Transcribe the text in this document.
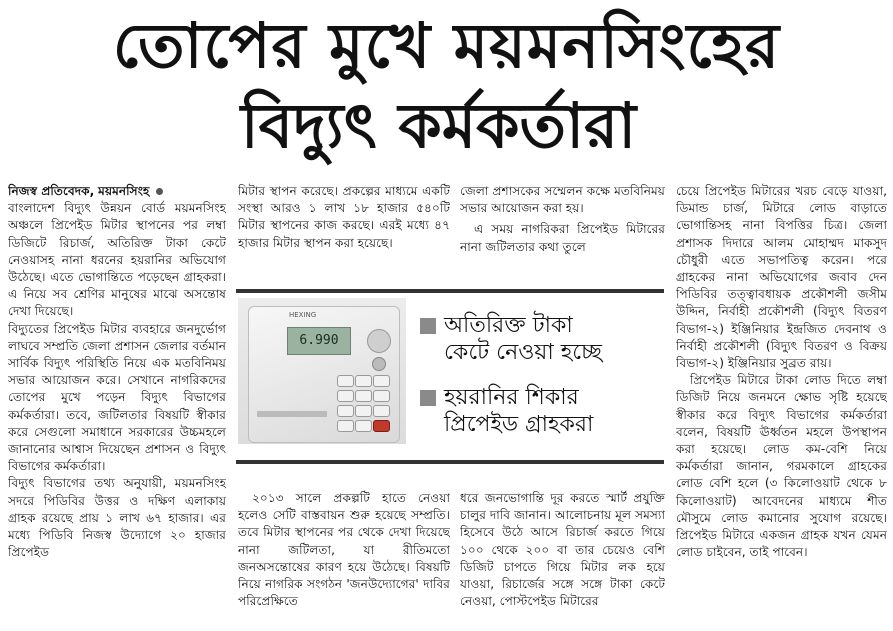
তোপের মুখে ময়মনসিংহের
বিদ্যুৎ কর্মকর্তারা

নিজস্ব প্রতিবেদক, ময়মনসিংহ

বাংলাদেশ বিদ্যুৎ উন্নয়ন বোর্ড ময়মনসিংহ অঞ্চলে প্রিপেইড মিটার স্থাপনের পর লম্বা ডিজিটে রিচার্জ, অতিরিক্ত টাকা কেটে নেওয়াসহ নানা ধরনের হয়রানির অভিযোগ উঠেছে। এতে ভোগান্তিতে পড়েছেন গ্রাহকরা। এ নিয়ে সব শ্রেণির মানুষের মাঝে অসন্তোষ দেখা দিয়েছে।

বিদ্যুতের প্রিপেইড মিটার ব্যবহারে জনদুর্ভোগ লাঘবে সম্প্রতি জেলা প্রশাসন জেলার বর্তমান সার্বিক বিদ্যুৎ পরিস্থিতি নিয়ে এক মতবিনিময় সভার আয়োজন করে। সেখানে নাগরিকদের তোপের মুখে পড়েন বিদ্যুৎ বিভাগের কর্মকর্তারা। তবে, জটিলতার বিষয়টি স্বীকার করে সেগুলো সমাধানে সরকারের উচ্চমহলে জানানোর আশ্বাস দিয়েছেন প্রশাসন ও বিদ্যুৎ বিভাগের কর্মকর্তারা।

বিদ্যুৎ বিভাগের তথ্য অনুযায়ী, ময়মনসিংহ সদরে পিডিবির উত্তর ও দক্ষিণ এলাকায় গ্রাহক রয়েছে প্রায় ১ লাখ ৬৭ হাজার। এর মধ্যে পিডিবি নিজস্ব উদ্যোগে ২০ হাজার প্রিপেইড

মিটার স্থাপন করেছে। প্রকল্পের মাধ্যমে একটি সংস্থা আরও ১ লাখ ১৮ হাজার ৫৪০টি মিটার স্থাপনের কাজ করছে। এরই মধ্যে ৪৭ হাজার মিটার স্থাপন করা হয়েছে।

জেলা প্রশাসকের সম্মেলন কক্ষে মতবিনিময় সভার আয়োজন করা হয়।

এ সময় নাগরিকরা প্রিপেইড মিটারের নানা জটিলতার কথা তুলে

HEXING
6.990
অতিরিক্ত টাকা
কেটে নেওয়া হচ্ছে
হয়রানির শিকার
প্রিপেইড গ্রাহকরা

২০১৩ সালে প্রকল্পটি হাতে নেওয়া হলেও সেটি বাস্তবায়ন শুরু হয়েছে সম্প্রতি। তবে মিটার স্থাপনের পর থেকে দেখা দিয়েছে নানা জটিলতা, যা রীতিমতো জনঅসন্তোষের কারণ হয়ে উঠেছে। বিষয়টি নিয়ে নাগরিক সংগঠন 'জনউদ্যোগের' দাবির পরিপ্রেক্ষিতে

ধরে জনভোগান্তি দূর করতে স্মার্ট প্রযুক্তি চালুর দাবি জানান। আলোচনায় মূল সমস্যা হিসেবে উঠে আসে রিচার্জ করতে গিয়ে ১০০ থেকে ২০০ বা তার চেয়েও বেশি ডিজিট চাপতে গিয়ে মিটার লক হয়ে যাওয়া, রিচার্জের সঙ্গে সঙ্গে টাকা কেটে নেওয়া, পোস্টপেইড মিটারের

চেয়ে প্রিপেইড মিটারের খরচ বেড়ে যাওয়া, ডিমান্ড চার্জ, মিটারে লোড বাড়াতে ভোগান্তিসহ নানা বিপত্তির চিত্র। জেলা প্রশাসক দিদারে আলম মোহাম্মদ মাকসুদ চৌধুরী এতে সভাপতিত্ব করেন। পরে গ্রাহকের নানা অভিযোগের জবাব দেন পিডিবির তত্ত্বাবধায়ক প্রকৌশলী জসীম উদ্দিন, নির্বাহী প্রকৌশলী (বিদ্যুৎ বিতরণ বিভাগ-২) ইঞ্জিনিয়ার ইন্দ্রজিত দেবনাথ ও নির্বাহী প্রকৌশলী (বিদ্যুৎ বিতরণ ও বিক্রয় বিভাগ-২) ইঞ্জিনিয়ার সুব্রত রায়।

প্রিপেইড মিটারে টাকা লোড দিতে লম্বা ডিজিট নিয়ে জনমনে ক্ষোভ সৃষ্টি হয়েছে স্বীকার করে বিদ্যুৎ বিভাগের কর্মকর্তারা বলেন, বিষয়টি ঊর্ধ্বতন মহলে উপস্থাপন করা হয়েছে। লোড কম-বেশি নিয়ে কর্মকর্তারা জানান, গরমকালে গ্রাহকের লোড বেশি হলে (৩ কিলোওয়াট থেকে ৮ কিলোওয়াট) আবেদনের মাধ্যমে শীত মৌসুমে লোড কমানোর সুযোগ রয়েছে। প্রিপেইড মিটারে একজন গ্রাহক যখন যেমন লোড চাইবেন, তাই পাবেন।
